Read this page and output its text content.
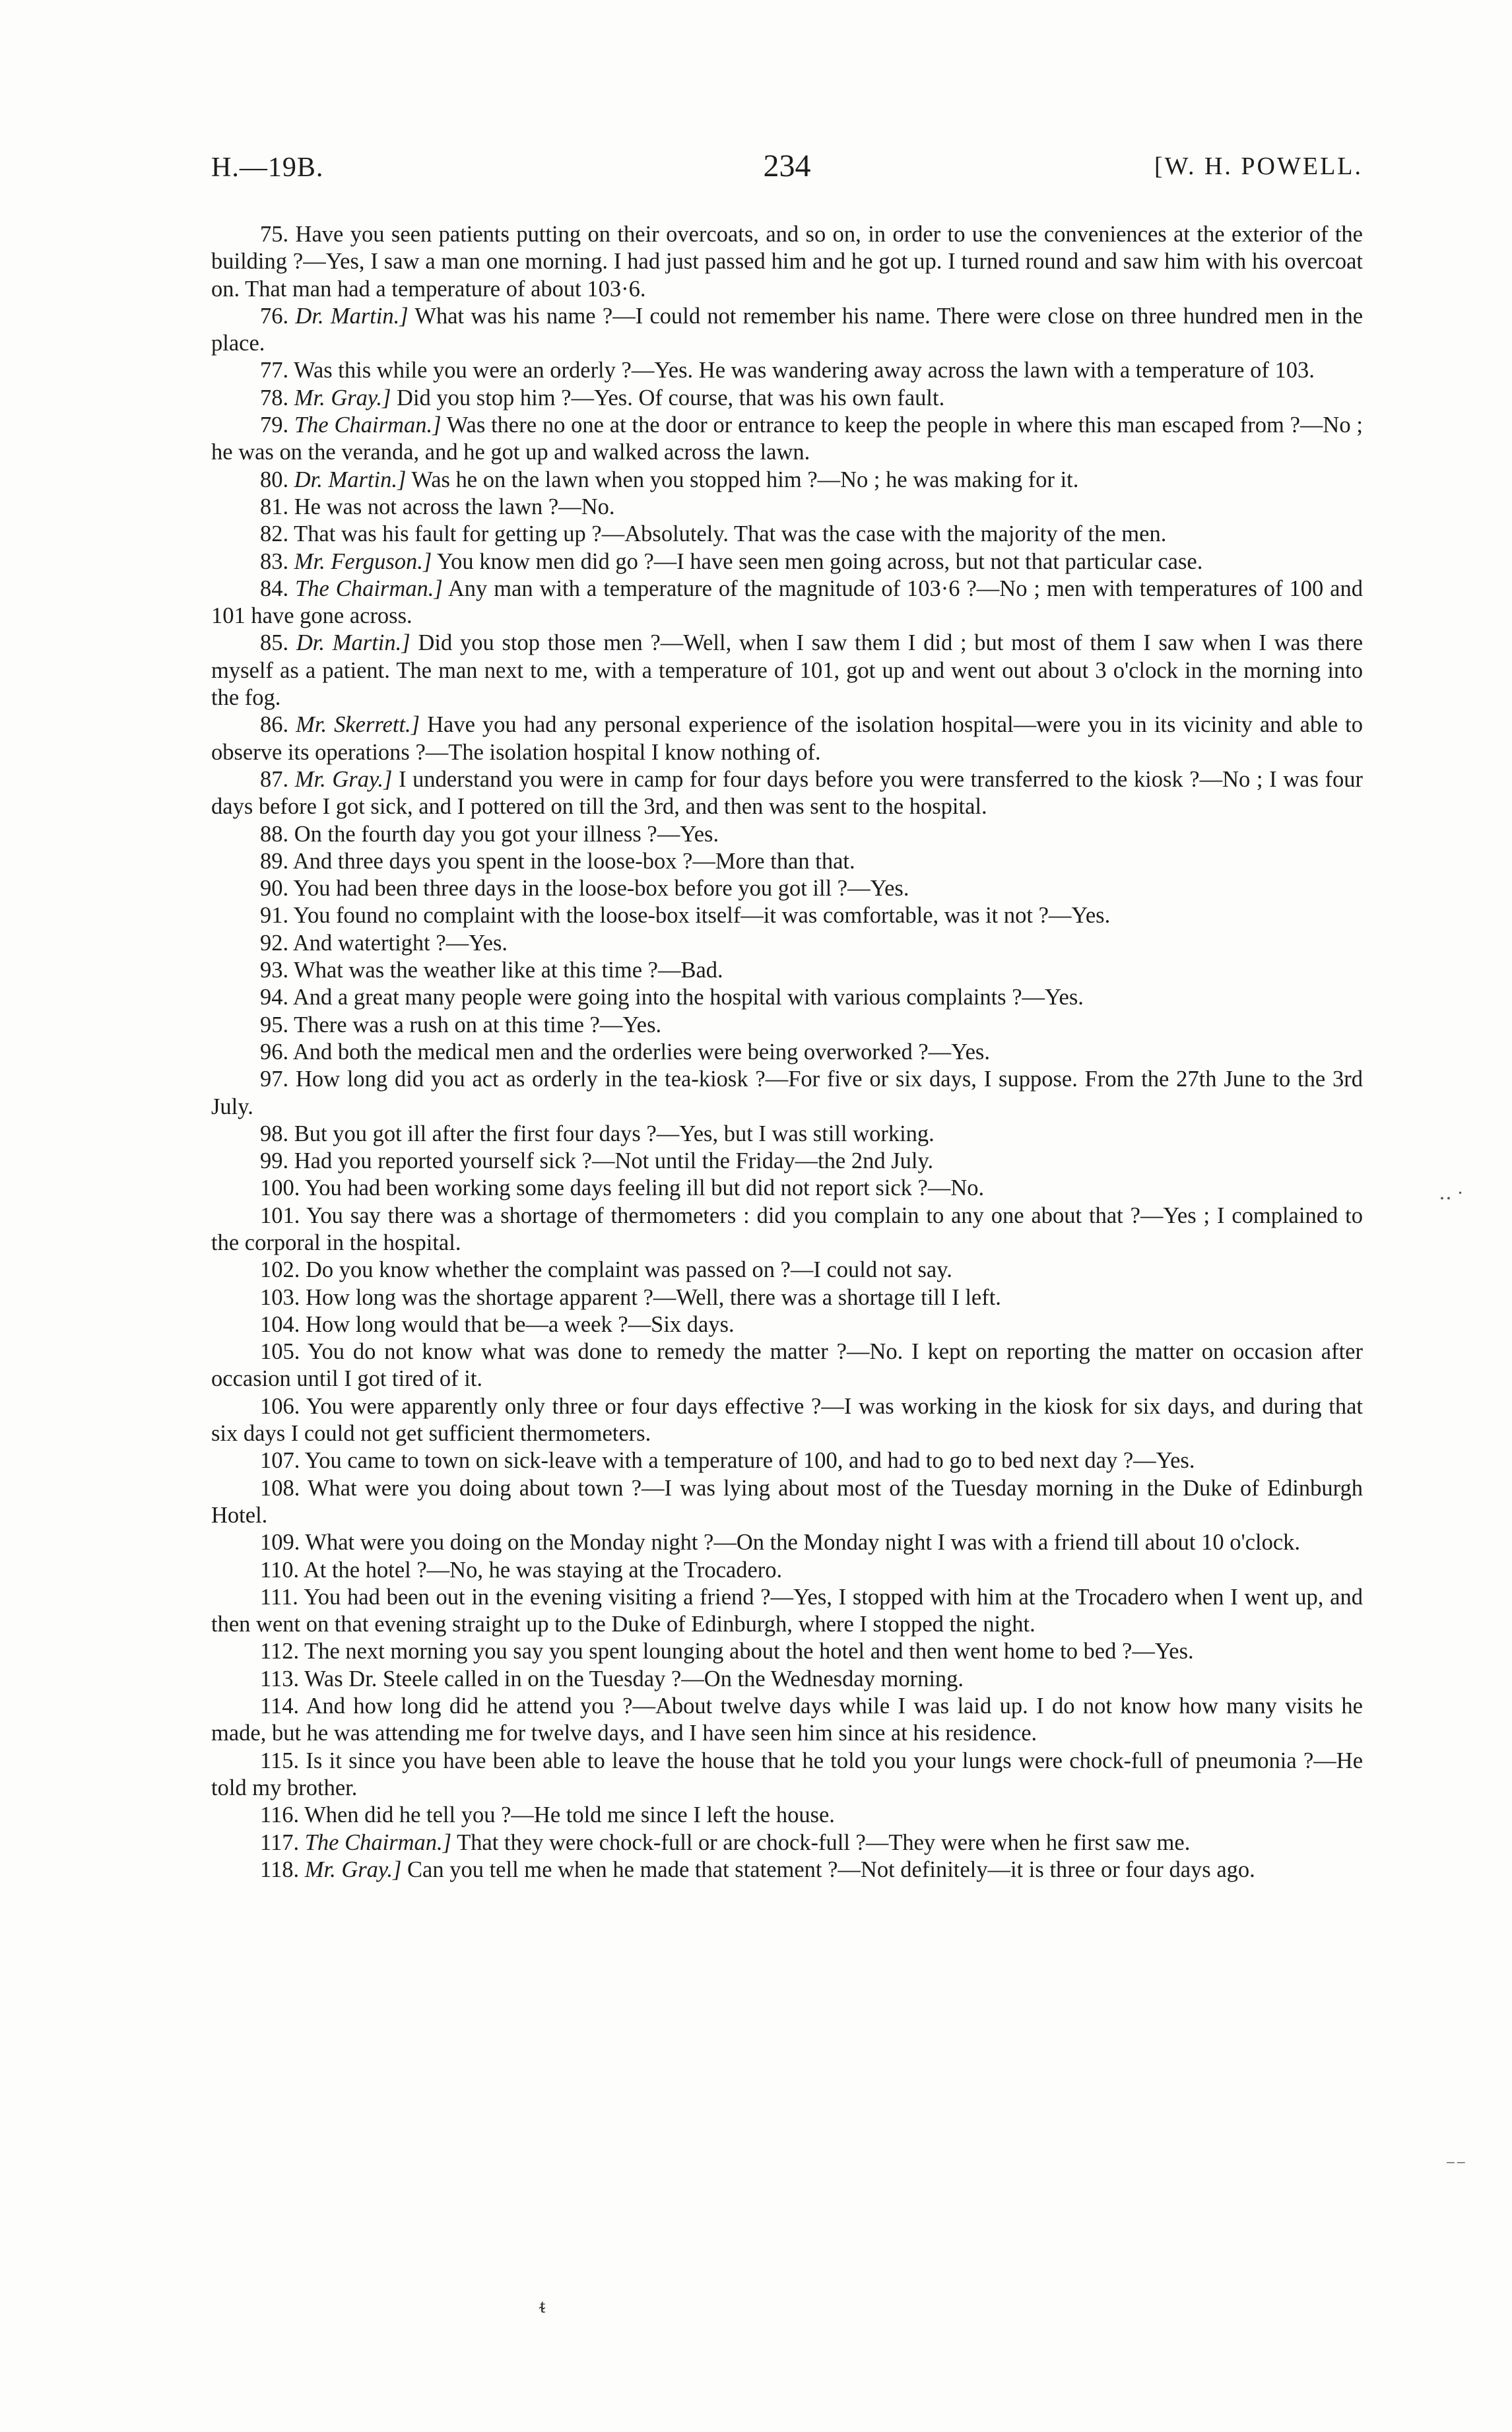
H.—19B.	234	[W. H. POWELL.

75. Have you seen patients putting on their overcoats, and so on, in order to use the conveniences at the exterior of the building ?—Yes, I saw a man one morning. I had just passed him and he got up. I turned round and saw him with his overcoat on. That man had a temperature of about 103·6.

76. Dr. Martin.] What was his name ?—I could not remember his name. There were close on three hundred men in the place.

77. Was this while you were an orderly ?—Yes. He was wandering away across the lawn with a temperature of 103.

78. Mr. Gray.] Did you stop him ?—Yes. Of course, that was his own fault.

79. The Chairman.] Was there no one at the door or entrance to keep the people in where this man escaped from ?—No ; he was on the veranda, and he got up and walked across the lawn.

80. Dr. Martin.] Was he on the lawn when you stopped him ?—No ; he was making for it.

81. He was not across the lawn ?—No.

82. That was his fault for getting up ?—Absolutely. That was the case with the majority of the men.

83. Mr. Ferguson.] You know men did go ?—I have seen men going across, but not that particular case.

84. The Chairman.] Any man with a temperature of the magnitude of 103·6 ?—No ; men with temperatures of 100 and 101 have gone across.

85. Dr. Martin.] Did you stop those men ?—Well, when I saw them I did ; but most of them I saw when I was there myself as a patient. The man next to me, with a temperature of 101, got up and went out about 3 o'clock in the morning into the fog.

86. Mr. Skerrett.] Have you had any personal experience of the isolation hospital—were you in its vicinity and able to observe its operations ?—The isolation hospital I know nothing of.

87. Mr. Gray.] I understand you were in camp for four days before you were transferred to the kiosk ?—No ; I was four days before I got sick, and I pottered on till the 3rd, and then was sent to the hospital.

88. On the fourth day you got your illness ?—Yes.

89. And three days you spent in the loose-box ?—More than that.

90. You had been three days in the loose-box before you got ill ?—Yes.

91. You found no complaint with the loose-box itself—it was comfortable, was it not ?—Yes.

92. And watertight ?—Yes.

93. What was the weather like at this time ?—Bad.

94. And a great many people were going into the hospital with various complaints ?—Yes.

95. There was a rush on at this time ?—Yes.

96. And both the medical men and the orderlies were being overworked ?—Yes.

97. How long did you act as orderly in the tea-kiosk ?—For five or six days, I suppose. From the 27th June to the 3rd July.

98. But you got ill after the first four days ?—Yes, but I was still working.

99. Had you reported yourself sick ?—Not until the Friday—the 2nd July.

100. You had been working some days feeling ill but did not report sick ?—No.

101. You say there was a shortage of thermometers : did you complain to any one about that ?—Yes ; I complained to the corporal in the hospital.

102. Do you know whether the complaint was passed on ?—I could not say.

103. How long was the shortage apparent ?—Well, there was a shortage till I left.

104. How long would that be—a week ?—Six days.

105. You do not know what was done to remedy the matter ?—No. I kept on reporting the matter on occasion after occasion until I got tired of it.

106. You were apparently only three or four days effective ?—I was working in the kiosk for six days, and during that six days I could not get sufficient thermometers.

107. You came to town on sick-leave with a temperature of 100, and had to go to bed next day ?—Yes.

108. What were you doing about town ?—I was lying about most of the Tuesday morning in the Duke of Edinburgh Hotel.

109. What were you doing on the Monday night ?—On the Monday night I was with a friend till about 10 o'clock.

110. At the hotel ?—No, he was staying at the Trocadero.

111. You had been out in the evening visiting a friend ?—Yes, I stopped with him at the Trocadero when I went up, and then went on that evening straight up to the Duke of Edinburgh, where I stopped the night.

112. The next morning you say you spent lounging about the hotel and then went home to bed ?—Yes.

113. Was Dr. Steele called in on the Tuesday ?—On the Wednesday morning.

114. And how long did he attend you ?—About twelve days while I was laid up. I do not know how many visits he made, but he was attending me for twelve days, and I have seen him since at his residence.

115. Is it since you have been able to leave the house that he told you your lungs were chock-full of pneumonia ?—He told my brother.

116. When did he tell you ?—He told me since I left the house.

117. The Chairman.] That they were chock-full or are chock-full ?—They were when he first saw me.

118. Mr. Gray.] Can you tell me when he made that statement ?—Not definitely—it is three or four days ago.

‥ ·
⁻⁻
ᵵ
